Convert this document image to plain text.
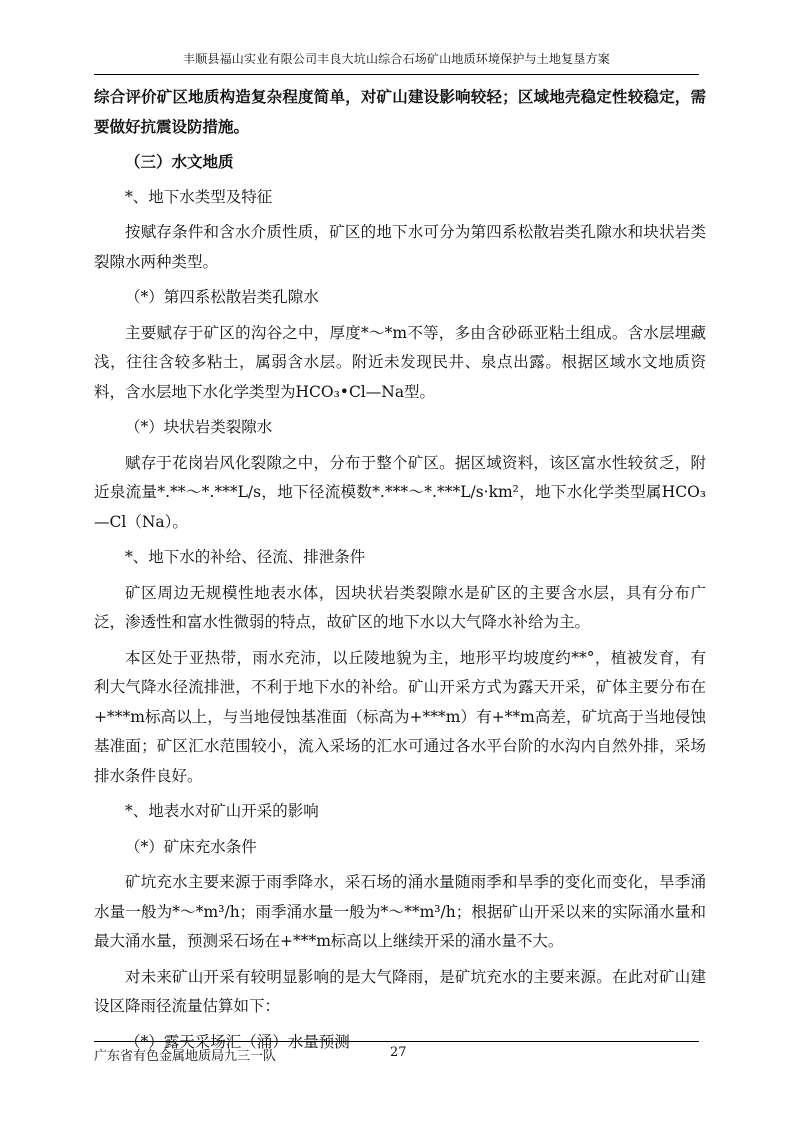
丰顺县福山实业有限公司丰良大坑山综合石场矿山地质环境保护与土地复垦方案

综合评价矿区地质构造复杂程度简单，对矿山建设影响较轻；区域地壳稳定性较稳定，需要做好抗震设防措施。

（三）水文地质

*、地下水类型及特征

按赋存条件和含水介质性质，矿区的地下水可分为第四系松散岩类孔隙水和块状岩类裂隙水两种类型。

（*）第四系松散岩类孔隙水

主要赋存于矿区的沟谷之中，厚度*～*m不等，多由含砂砾亚粘土组成。含水层埋藏浅，往往含较多粘土，属弱含水层。附近未发现民井、泉点出露。根据区域水文地质资料，含水层地下水化学类型为HCO₃•Cl—Na型。

（*）块状岩类裂隙水

赋存于花岗岩风化裂隙之中，分布于整个矿区。据区域资料，该区富水性较贫乏，附近泉流量*.**～*.***L/s，地下径流模数*.***～*.***L/s·km²，地下水化学类型属HCO₃—Cl（Na）。

*、地下水的补给、径流、排泄条件

矿区周边无规模性地表水体，因块状岩类裂隙水是矿区的主要含水层，具有分布广泛，渗透性和富水性微弱的特点，故矿区的地下水以大气降水补给为主。

本区处于亚热带，雨水充沛，以丘陵地貌为主，地形平均坡度约**°，植被发育，有利大气降水径流排泄，不利于地下水的补给。矿山开采方式为露天开采，矿体主要分布在+***m标高以上，与当地侵蚀基准面（标高为+***m）有+**m高差，矿坑高于当地侵蚀基准面；矿区汇水范围较小，流入采场的汇水可通过各水平台阶的水沟内自然外排，采场排水条件良好。

*、地表水对矿山开采的影响

（*）矿床充水条件

矿坑充水主要来源于雨季降水，采石场的涌水量随雨季和旱季的变化而变化，旱季涌水量一般为*～*m³/h；雨季涌水量一般为*～**m³/h；根据矿山开采以来的实际涌水量和最大涌水量，预测采石场在+***m标高以上继续开采的涌水量不大。

对未来矿山开采有较明显影响的是大气降雨，是矿坑充水的主要来源。在此对矿山建设区降雨径流量估算如下：

（*）露天采场汇（涌）水量预测

广东省有色金属地质局九三一队	27
